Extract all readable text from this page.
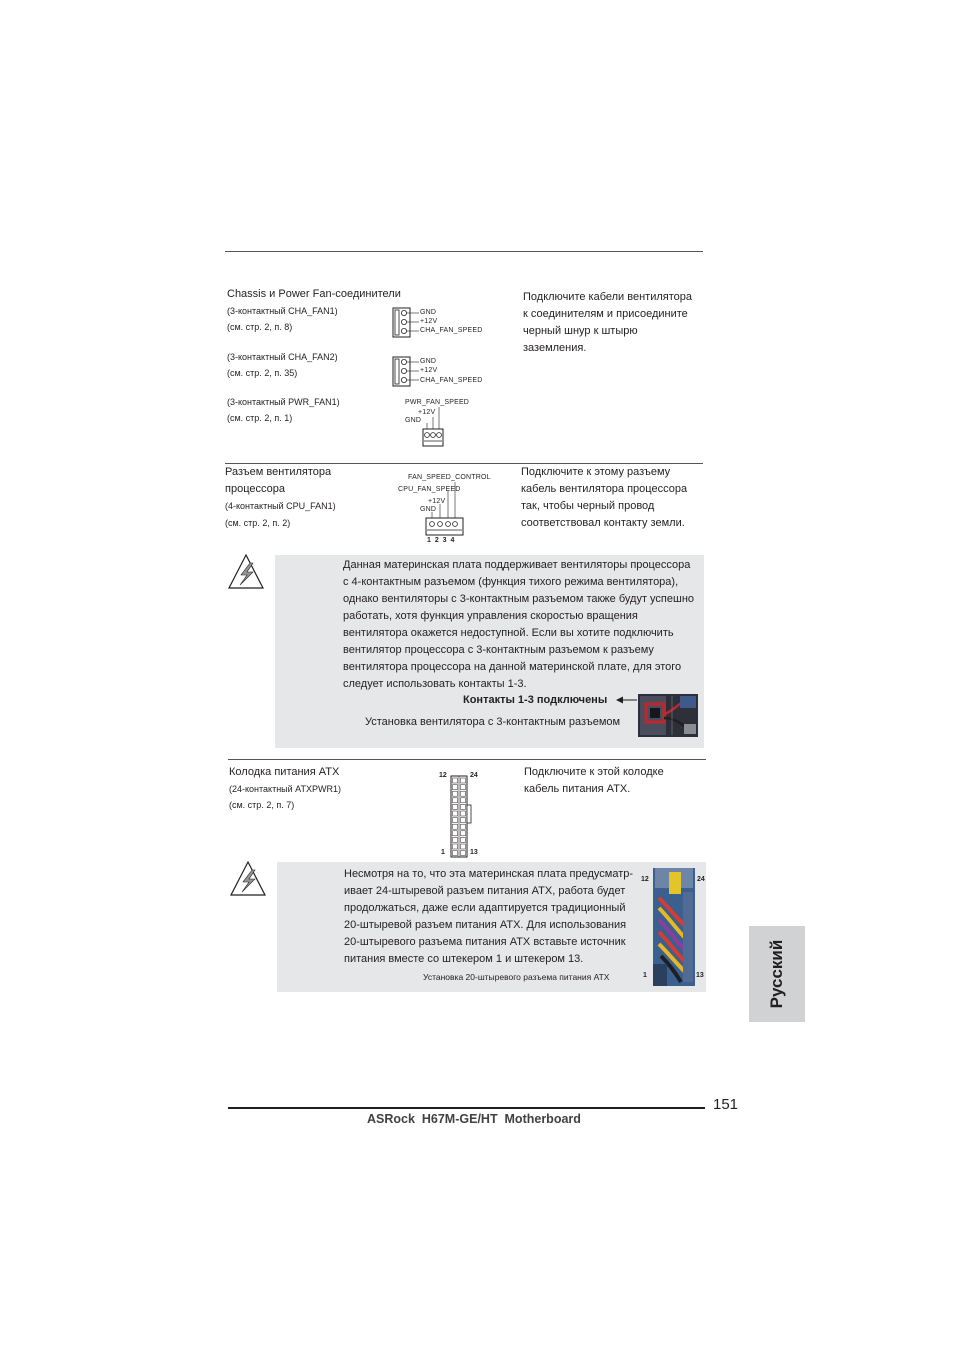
Chassis и Power Fan-соединители
(3-контактный CHA_FAN1)
(см. стр. 2, п. 8)
(3-контактный CHA_FAN2)
(см. стр. 2, п. 35)
(3-контактный PWR_FAN1)
(см. стр. 2, п. 1)
GND
+12V
CHA_FAN_SPEED
GND
+12V
CHA_FAN_SPEED
PWR_FAN_SPEED
+12V
GND
Подключите кабели вентилятора
к соединителям и присоедините
черный шнур к штырю
заземления.
Разъем вентилятора
процессора
(4-контактный CPU_FAN1)
(см. стр. 2, п. 2)
FAN_SPEED_CONTROL
CPU_FAN_SPEED
+12V
GND
1 2 3 4
Подключите к этому разъему
кабель вентилятора процессора
так, чтобы черный провод
соответствовал контакту земли.
Данная материнская плата поддерживает вентиляторы процессора
с 4-контактным разъемом (функция тихого режима вентилятора),
однако вентиляторы с 3-контактным разъемом также будут успешно
работать, хотя функция управления скоростью вращения
вентилятора окажется недоступной. Если вы хотите подключить
вентилятор процессора с 3-контактным разъемом к разъему
вентилятора процессора на данной материнской плате, для этого
следует использовать контакты 1-3.
Контакты 1-3 подключены
Установка вентилятора с 3-контактным разъемом
Колодка питания ATX
(24-контактный ATXPWR1)
(см. стр. 2, п. 7)
12	24
1	13
Подключите к этой колодке
кабель питания ATX.
Несмотря на то, что эта материнская плата предусматр-
ивает 24-штыревой разъем питания ATX, работа будет
продолжаться, даже если адаптируется традиционный
20-штыревой разъем питания ATX. Для использования
20-штыревого разъема питания ATX вставьте источник
питания вместе со штекером 1 и штекером 13.
Установка 20-штыревого разъема питания ATX
12	24
1	13	Русский
151
ASRock  H67M-GE/HT  Motherboard
